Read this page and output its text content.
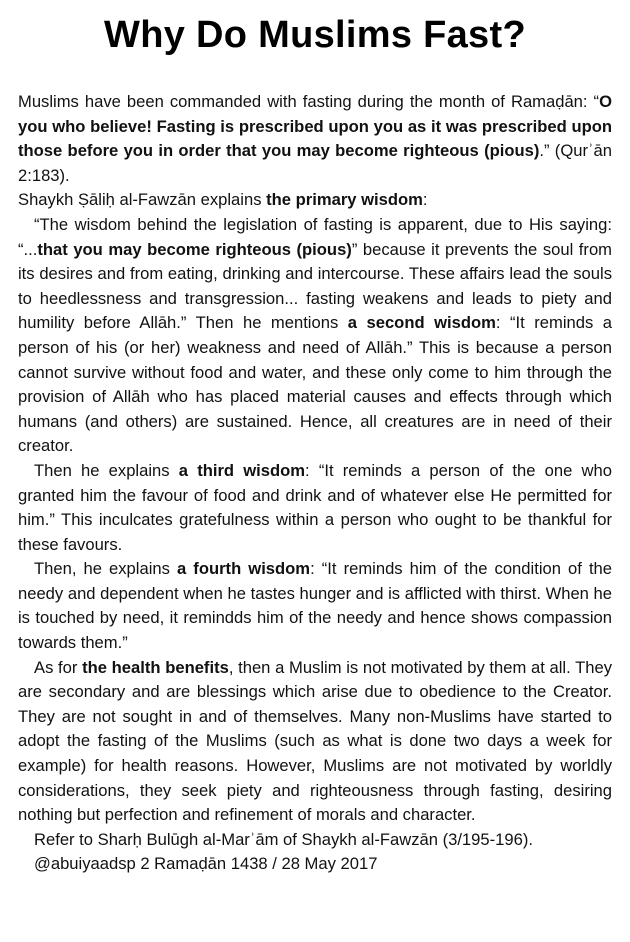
Why Do Muslims Fast?

Muslims have been commanded with fasting during the month of Ramaḍān: “O you who believe! Fasting is prescribed upon you as it was prescribed upon those before you in order that you may become righteous (pious).” (Qurʾān 2:183).

Shaykh Ṣāliḥ al-Fawzān explains the primary wisdom:

“The wisdom behind the legislation of fasting is apparent, due to His saying: “...that you may become righteous (pious)” because it prevents the soul from its desires and from eating, drinking and intercourse. These affairs lead the souls to heedlessness and transgression... fasting weakens and leads to piety and humility before Allāh.” Then he mentions a second wisdom: “It reminds a person of his (or her) weakness and need of Allāh.” This is because a person cannot survive without food and water, and these only come to him through the provision of Allāh who has placed material causes and effects through which humans (and others) are sustained. Hence, all creatures are in need of their creator.

Then he explains a third wisdom: “It reminds a person of the one who granted him the favour of food and drink and of whatever else He permitted for him.” This inculcates gratefulness within a person who ought to be thankful for these favours.

Then, he explains a fourth wisdom: “It reminds him of the condition of the needy and dependent when he tastes hunger and is afflicted with thirst. When he is touched by need, it remindds him of the needy and hence shows compassion towards them.”

As for the health benefits, then a Muslim is not motivated by them at all. They are secondary and are blessings which arise due to obedience to the Creator. They are not sought in and of themselves. Many non-Muslims have started to adopt the fasting of the Muslims (such as what is done two days a week for example) for health reasons. However, Muslims are not motivated by worldly considerations, they seek piety and righteousness through fasting, desiring nothing but perfection and refinement of morals and character.

Refer to Sharḥ Bulūgh al-Marʾām of Shaykh al-Fawzān (3/195-196).

@abuiyaadsp 2 Ramaḍān 1438 / 28 May 2017
